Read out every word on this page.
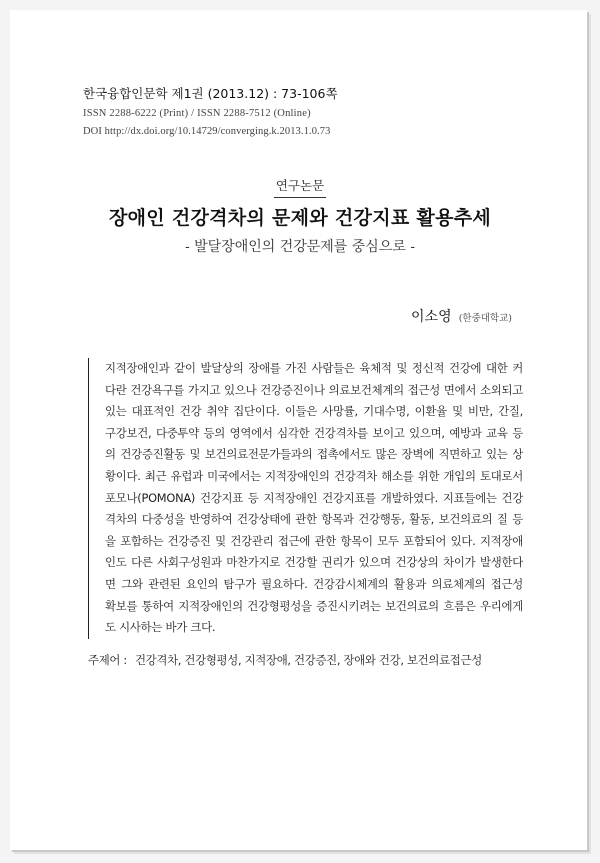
한국융합인문학 제1권 (2013.12) : 73-106쪽
ISSN 2288-6222 (Print) / ISSN 2288-7512 (Online)
DOI http://dx.doi.org/10.14729/converging.k.2013.1.0.73
연구논문
장애인 건강격차의 문제와 건강지표 활용추세
- 발달장애인의 건강문제를 중심으로 -
이소영 (한중대학교)
지적장애인과 같이 발달상의 장애를 가진 사람들은 육체적 및 정신적 건강에 대한 커
다란 건강욕구를 가지고 있으나 건강증진이나 의료보건체계의 접근성 면에서 소외되고
있는 대표적인 건강 취약 집단이다. 이들은 사망률, 기대수명, 이환율 및 비만, 간질,
구강보건, 다중투약 등의 영역에서 심각한 건강격차를 보이고 있으며, 예방과 교육 등
의 건강증진활동 및 보건의료전문가들과의 접촉에서도 많은 장벽에 직면하고 있는 상
황이다. 최근 유럽과 미국에서는 지적장애인의 건강격차 해소를 위한 개입의 토대로서
포모나(POMONA) 건강지표 등 지적장애인 건강지표를 개발하였다. 지표들에는 건강
격차의 다중성을 반영하여 건강상태에 관한 항목과 건강행동, 활동, 보건의료의 질 등
을 포함하는 건강증진 및 건강관리 접근에 관한 항목이 모두 포함되어 있다. 지적장애
인도 다른 사회구성원과 마찬가지로 건강할 권리가 있으며 건강상의 차이가 발생한다
면 그와 관련된 요인의 탐구가 필요하다. 건강감시체계의 활용과 의료체계의 접근성
확보를 통하여 지적장애인의 건강형평성을 증진시키려는 보건의료의 흐름은 우리에게
도 시사하는 바가 크다.
주제어 : 건강격차, 건강형평성, 지적장애, 건강증진, 장애와 건강, 보건의료접근성
